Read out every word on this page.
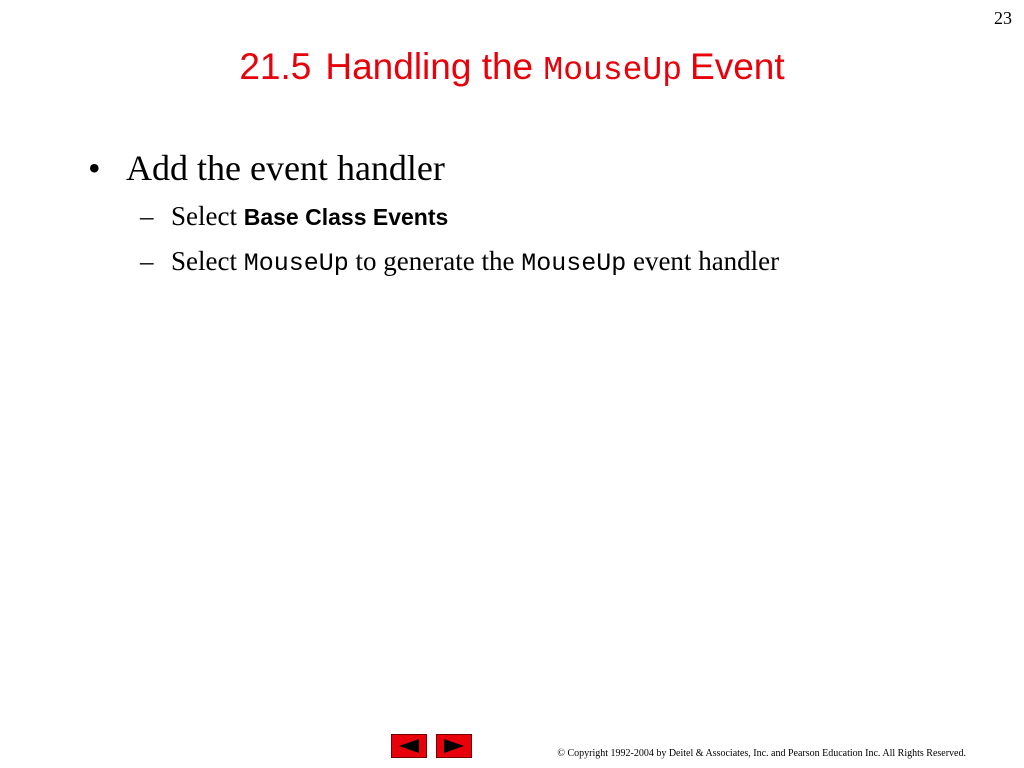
23
21.5 Handling the MouseUp Event
• Add the event handler
– Select Base Class Events
– Select MouseUp to generate the MouseUp event handler
© Copyright 1992-2004 by Deitel & Associates, Inc. and Pearson Education Inc. All Rights Reserved.
